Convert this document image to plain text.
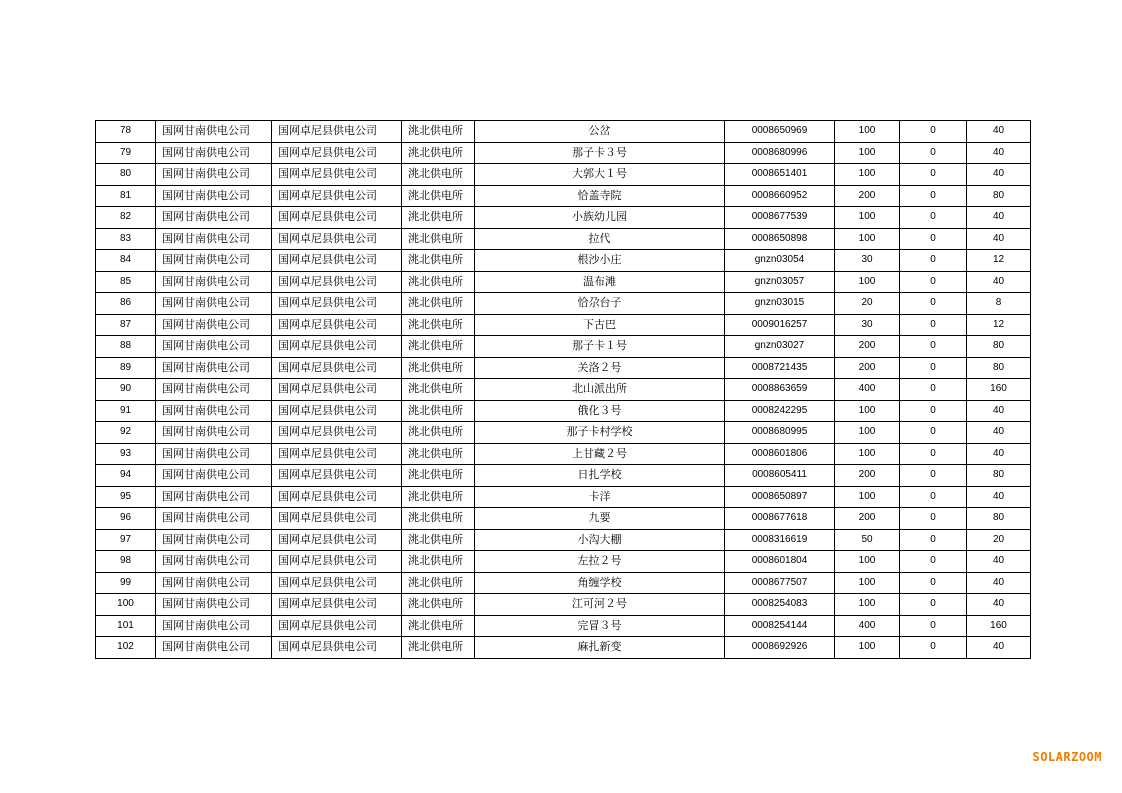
78	国网甘南供电公司	国网卓尼县供电公司	洮北供电所	公岔	0008650969	100	0	40
79	国网甘南供电公司	国网卓尼县供电公司	洮北供电所	那子卡３号	0008680996	100	0	40
80	国网甘南供电公司	国网卓尼县供电公司	洮北供电所	大郭大１号	0008651401	100	0	40
81	国网甘南供电公司	国网卓尼县供电公司	洮北供电所	恰盖寺院	0008660952	200	0	80
82	国网甘南供电公司	国网卓尼县供电公司	洮北供电所	小族幼儿园	0008677539	100	0	40
83	国网甘南供电公司	国网卓尼县供电公司	洮北供电所	拉代	0008650898	100	0	40
84	国网甘南供电公司	国网卓尼县供电公司	洮北供电所	根沙小庄	gnzn03054	30	0	12
85	国网甘南供电公司	国网卓尼县供电公司	洮北供电所	温布滩	gnzn03057	100	0	40
86	国网甘南供电公司	国网卓尼县供电公司	洮北供电所	恰尕台子	gnzn03015	20	0	8
87	国网甘南供电公司	国网卓尼县供电公司	洮北供电所	下古巴	0009016257	30	0	12
88	国网甘南供电公司	国网卓尼县供电公司	洮北供电所	那子卡１号	gnzn03027	200	0	80
89	国网甘南供电公司	国网卓尼县供电公司	洮北供电所	关洛２号	0008721435	200	0	80
90	国网甘南供电公司	国网卓尼县供电公司	洮北供电所	北山派出所	0008863659	400	0	160
91	国网甘南供电公司	国网卓尼县供电公司	洮北供电所	俄化３号	0008242295	100	0	40
92	国网甘南供电公司	国网卓尼县供电公司	洮北供电所	那子卡村学校	0008680995	100	0	40
93	国网甘南供电公司	国网卓尼县供电公司	洮北供电所	上甘藏２号	0008601806	100	0	40
94	国网甘南供电公司	国网卓尼县供电公司	洮北供电所	日扎学校	0008605411	200	0	80
95	国网甘南供电公司	国网卓尼县供电公司	洮北供电所	卡洋	0008650897	100	0	40
96	国网甘南供电公司	国网卓尼县供电公司	洮北供电所	九要	0008677618	200	0	80
97	国网甘南供电公司	国网卓尼县供电公司	洮北供电所	小沟大棚	0008316619	50	0	20
98	国网甘南供电公司	国网卓尼县供电公司	洮北供电所	左拉２号	0008601804	100	0	40
99	国网甘南供电公司	国网卓尼县供电公司	洮北供电所	角缠学校	0008677507	100	0	40
100	国网甘南供电公司	国网卓尼县供电公司	洮北供电所	江可河２号	0008254083	100	0	40
101	国网甘南供电公司	国网卓尼县供电公司	洮北供电所	完冒３号	0008254144	400	0	160
102	国网甘南供电公司	国网卓尼县供电公司	洮北供电所	麻扎新变	0008692926	100	0	40
SOLARZOOM
